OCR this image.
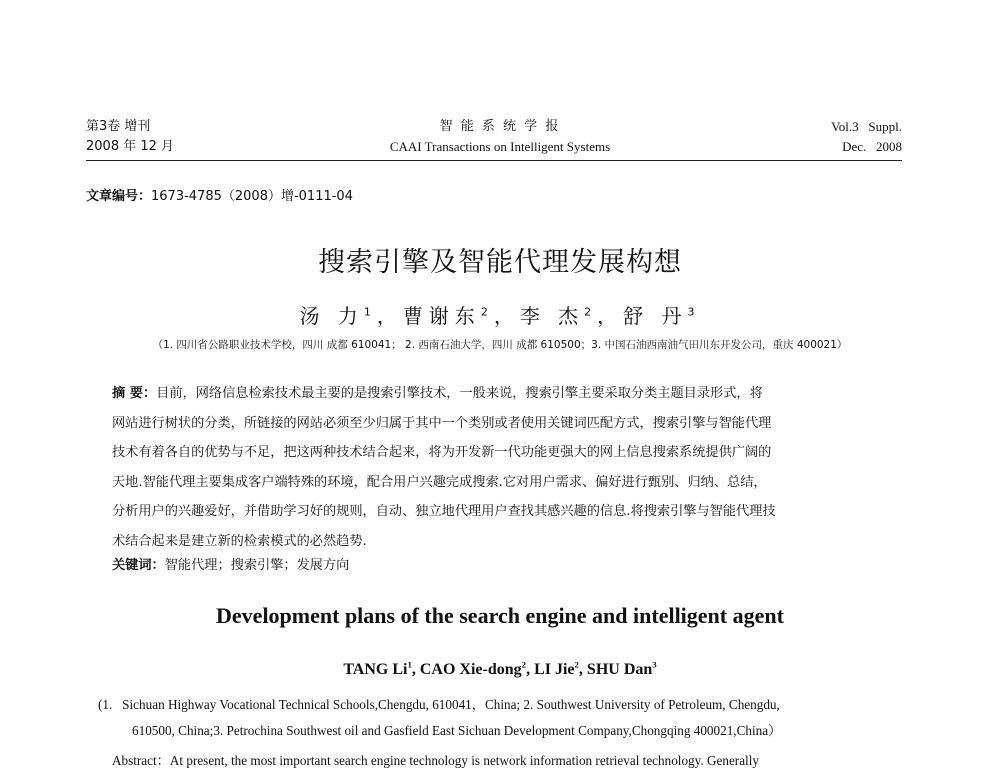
第3卷 增刊
2008 年 12 月
智 能 系 统 学 报
CAAI Transactions on Intelligent Systems
Vol.3   Suppl.
Dec.   2008
文章编号：1673-4785（2008）增-0111-04
搜索引擎及智能代理发展构想
汤 力$^1$，曹谢东$^2$，李 杰$^2$，舒 丹$^3$
（1. 四川省公路职业技术学校，四川 成都 610041； 2. 西南石油大学，四川 成都 610500；3. 中国石油西南油气田川东开发公司，重庆 400021）
摘 要：目前，网络信息检索技术最主要的是搜索引擎技术，一般来说，搜索引擎主要采取分类主题目录形式，将
网站进行树状的分类，所链接的网站必须至少归属于其中一个类别或者使用关键词匹配方式，搜索引擎与智能代理
技术有着各自的优势与不足，把这两种技术结合起来，将为开发新一代功能更强大的网上信息搜索系统提供广阔的
天地.智能代理主要集成客户端特殊的环境，配合用户兴趣完成搜索.它对用户需求、偏好进行甄别、归纳、总结，
分析用户的兴趣爱好，并借助学习好的规则，自动、独立地代理用户查找其感兴趣的信息.将搜索引擎与智能代理技
术结合起来是建立新的检索模式的必然趋势.
关键词：智能代理；搜索引擎；发展方向
Development plans of the search engine and intelligent agent
TANG Li$^1$, CAO Xie-dong$^2$, LI Jie$^2$, SHU Dan$^3$
(1.   Sichuan Highway Vocational Technical Schools,Chengdu, 610041，China; 2. Southwest University of Petroleum, Chengdu,
610500, China;3. Petrochina Southwest oil and Gasfield East Sichuan Development Company,Chongqing 400021,China）
Abstract：At present, the most important search engine technology is network information retrieval technology. Generally
